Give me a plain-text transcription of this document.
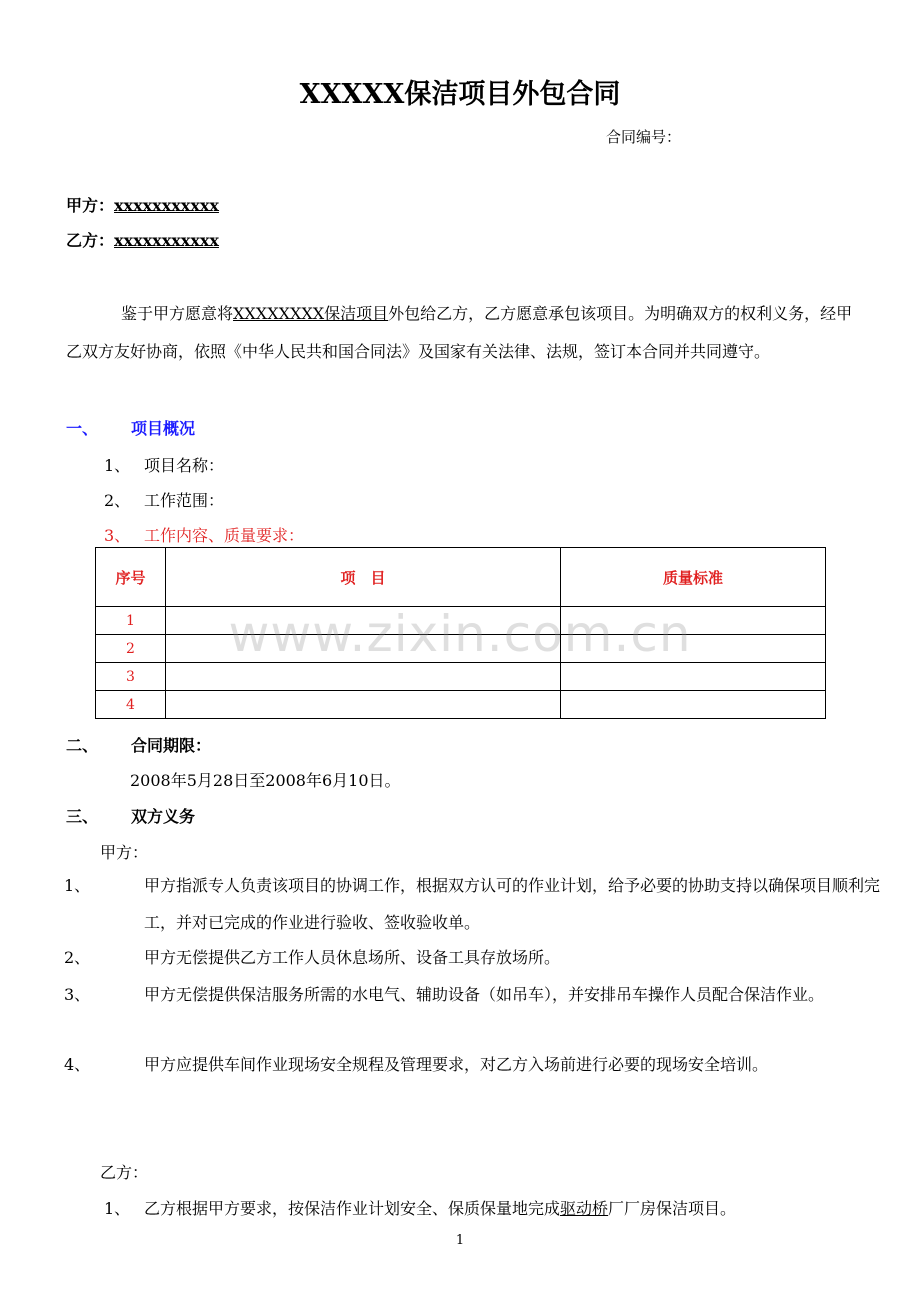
XXXXX保洁项目外包合同
合同编号：
甲方：xxxxxxxxxxx
乙方：xxxxxxxxxxx
鉴于甲方愿意将XXXXXXXX保洁项目外包给乙方，乙方愿意承包该项目。为明确双方的权利义务，经甲乙双方友好协商，依照《中华人民共和国合同法》及国家有关法律、法规，签订本合同并共同遵守。
一、 项目概况
1、 项目名称：
2、 工作范围：
3、 工作内容、质量要求：
序号	项　目	质量标准
1		
2		
3		
4		
www.zixin.com.cn
二、 合同期限：
2008年5月28日至2008年6月10日。
三、 双方义务
甲方：
1、	甲方指派专人负责该项目的协调工作，根据双方认可的作业计划，给予必要的协助支持以确保项目顺利完工，并对已完成的作业进行验收、签收验收单。
2、	甲方无偿提供乙方工作人员休息场所、设备工具存放场所。
3、	甲方无偿提供保洁服务所需的水电气、辅助设备（如吊车），并安排吊车操作人员配合保洁作业。
4、	甲方应提供车间作业现场安全规程及管理要求，对乙方入场前进行必要的现场安全培训。
乙方：
1、 乙方根据甲方要求，按保洁作业计划安全、保质保量地完成驱动桥厂厂房保洁项目。
1
